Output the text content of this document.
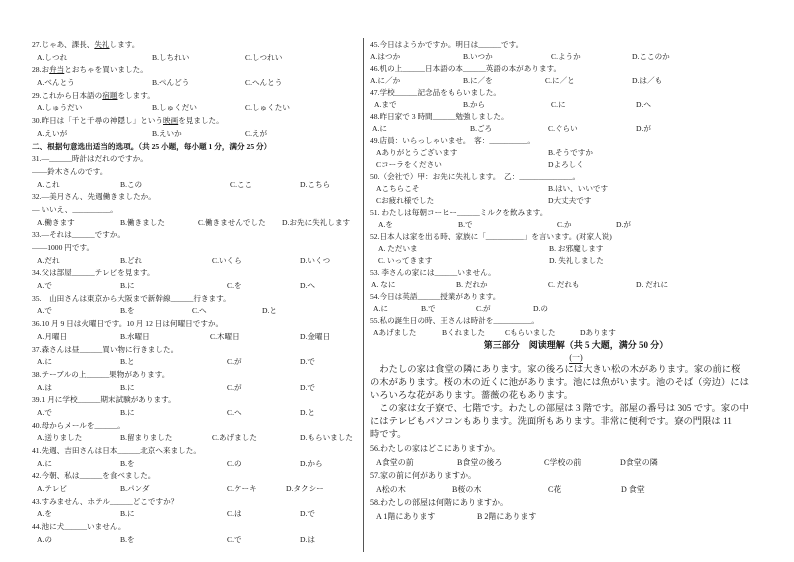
27.じゃあ、課長、失礼します。
A.しつれ	B.しちれい	C.しつれい
28.お弁当とおちゃを買いました。
A.べんとう	B.ぺんどう	C.へんとう
29.これから日本語の宿題をします。
A.しゅうだい	B.しゅくだい	C.しゅくたい
30.昨日は「千と千尋の神隠し」という映画を見ました。
A.えいが	B.えいか	C.えが
二、根据句意选出适当的选项。（共 25 小题，每小题 1 分，满分 25 分）
31.—______時計はだれのですか。
——鈴木さんのです。
A.これ	B.この	C.ここ	D.こちら
32.—美月さん、先週働きましたか。
— いいえ、__________。
A.働きます	B.働きました	C.働きませんでした D.お先に失礼します
33.—それは______ですか。
——1000 円です。
A.だれ	B.どれ	C.いくら	D.いくつ
34.父は部屋______テレビを見ます。
A.で	B.に	C.を	D.へ
35.　山田さんは東京から大阪まで新幹線______行きます。
A.で	B.を	C.へ	D.と
36.10 月 9 日は火曜日です。10 月 12 日は何曜日ですか。
A.月曜日	B.水曜日	C.木曜日	D.金曜日
37.森さんは昼______買い物に行きました。
A.に	B.と	C.が	D.で
38.テーブルの上______果物があります。
A.は	B.に	C.が	D.で
39.1 月に学校______期末試験があります。
A.で	B.に	C.へ	D.と
40.母からメールを______。
A.送りました	B.留まりました	C.あげました	D.もらいました
41.先週、吉田さんは日本______北京へ来ました。
A.に	B.を	C.の	D.から
42.今朝、私は______を食べました。
A.テレビ	B.パンダ	C.ケーキ	D.タクシー
43.すみません、ホテル______どこですか？
A.を	B.に	C.は	D.で
44.池に犬______いません。
A.の	B.を	C.で	D.は
45.今日はようかですか。明日は______です。
A.はつか	B.いつか	C.ようか	D.ここのか
46.机の上______日本語の本______英語の本があります。
A.に／か	B.に／を	C.に／と	D.は／も
47.学校______記念品をもらいました。
A.まで	B.から	C.に	D.へ
48.昨日家で 3 時間______勉強しました。
A.に	B.ごろ	C.ぐらい	D.が
49.店員：いらっしゃいませ。　客：__________。
Aありがとうございます	B.そうですか
Cコーラをください	Dよろしく
50.（会社で）甲：お先に失礼します。　乙：______________。
Aこちらこそ	B.はい、いいです
Cお疲れ様でした	D大丈夫です
51. わたしは毎朝コーヒー______ミルクを飲みます。
A.を	B.で	C.か	D.が
52.日本人は家を出る時、家族に「__________」を言います。(对家人说)
A. ただいま	B. お邪魔します
C. いってきます	D. 失礼しました
53. 李さんの家には______いません。
A. なに	B. だれか	C. だれも	D. だれに
54.今日は英語______授業があります。
A.に	B.で	C.が	D.の
55.私の誕生日の時、王さんは時計を__________。
Aあげました	Bくれました	Cもらいました	Dあります
第三部分　阅读理解（共 5 大题，满分 50 分）
(一)
　わたしの家は食堂の隣にあります。家の後ろには大きい松の木があります。家の前に桜
の木があります。桜の木の近くに池があります。池には魚がいます。池のそば（旁边）には
いろいろな花があります。薔薇の花もあります。
　この家は女子寮で、七階です。わたしの部屋は 3 階です。部屋の番号は 305 です。家の中
にはテレビもパソコンもあります。洗面所もあります。非常に便利です。寮の門限は 11
時です。
56.わたしの家はどこにありますか。
A食堂の前	B食堂の後ろ	C学校の前	D食堂の隣
57.家の前に何がありますか。
A松の木	B桜の木	C花	D 食堂
58.わたしの部屋は何階にありますか。
A 1階にあります	B 2階にあります
